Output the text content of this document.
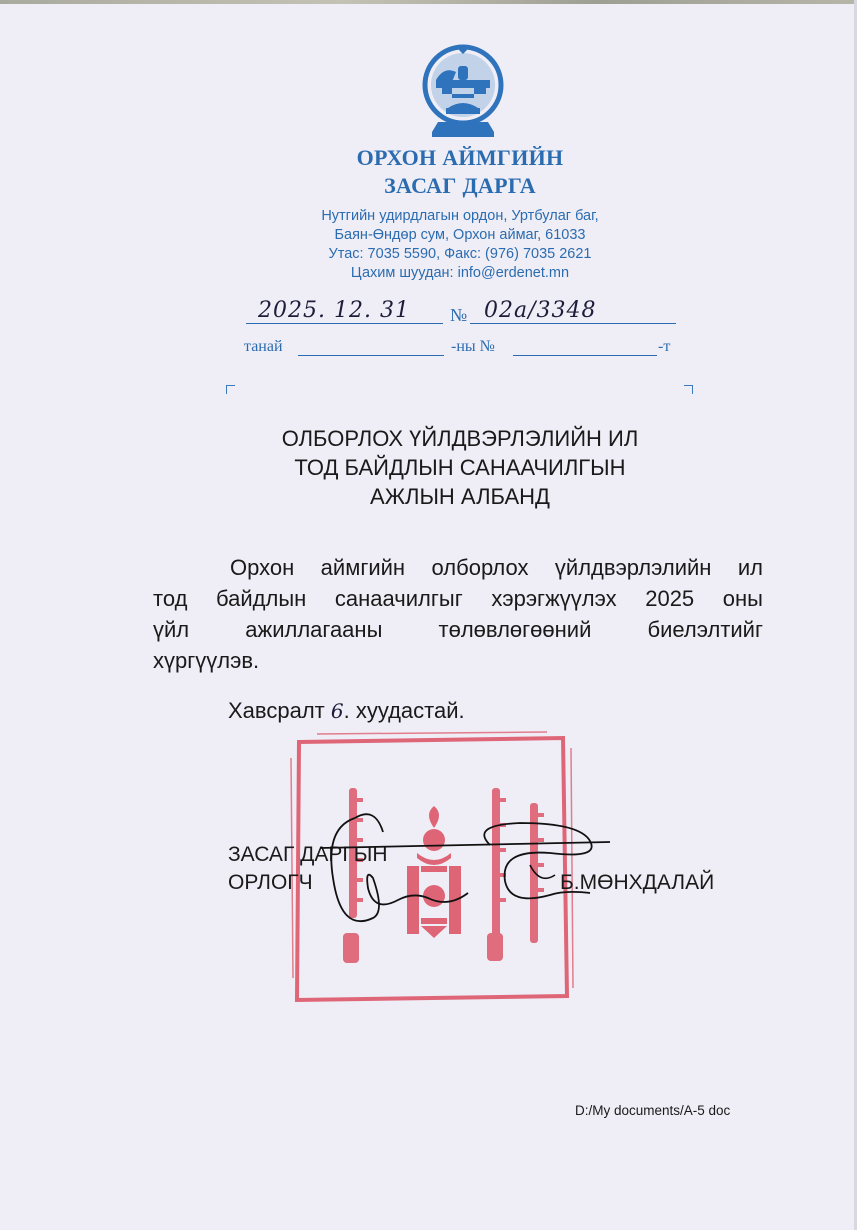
ОРХОН АЙМГИЙН
ЗАСАГ ДАРГА
Нутгийн удирдлагын ордон, Уртбулаг баг,
Баян-Өндөр сум, Орхон аймаг, 61033
Утас: 7035 5590, Факс: (976) 7035 2621
Цахим шуудан: info@erdenet.mn
2025. 12. 31 № 02а/3348
танай	-ны №	-т
ОЛБОРЛОХ ҮЙЛДВЭРЛЭЛИЙН ИЛ
ТОД БАЙДЛЫН САНААЧИЛГЫН
АЖЛЫН АЛБАНД
Орхон аймгийн олборлох үйлдвэрлэлийн ил
тод байдлын санаачилгыг хэрэгжүүлэх 2025 оны
үйл ажиллагааны төлөвлөгөөний биелэлтийг
хүргүүлэв.
Хавсралт 6. хуудастай.
ЗАСАГ ДАРГЫН
ОРЛОГЧ	Б.МӨНХДАЛАЙ
D:/My documents/A-5 doc
